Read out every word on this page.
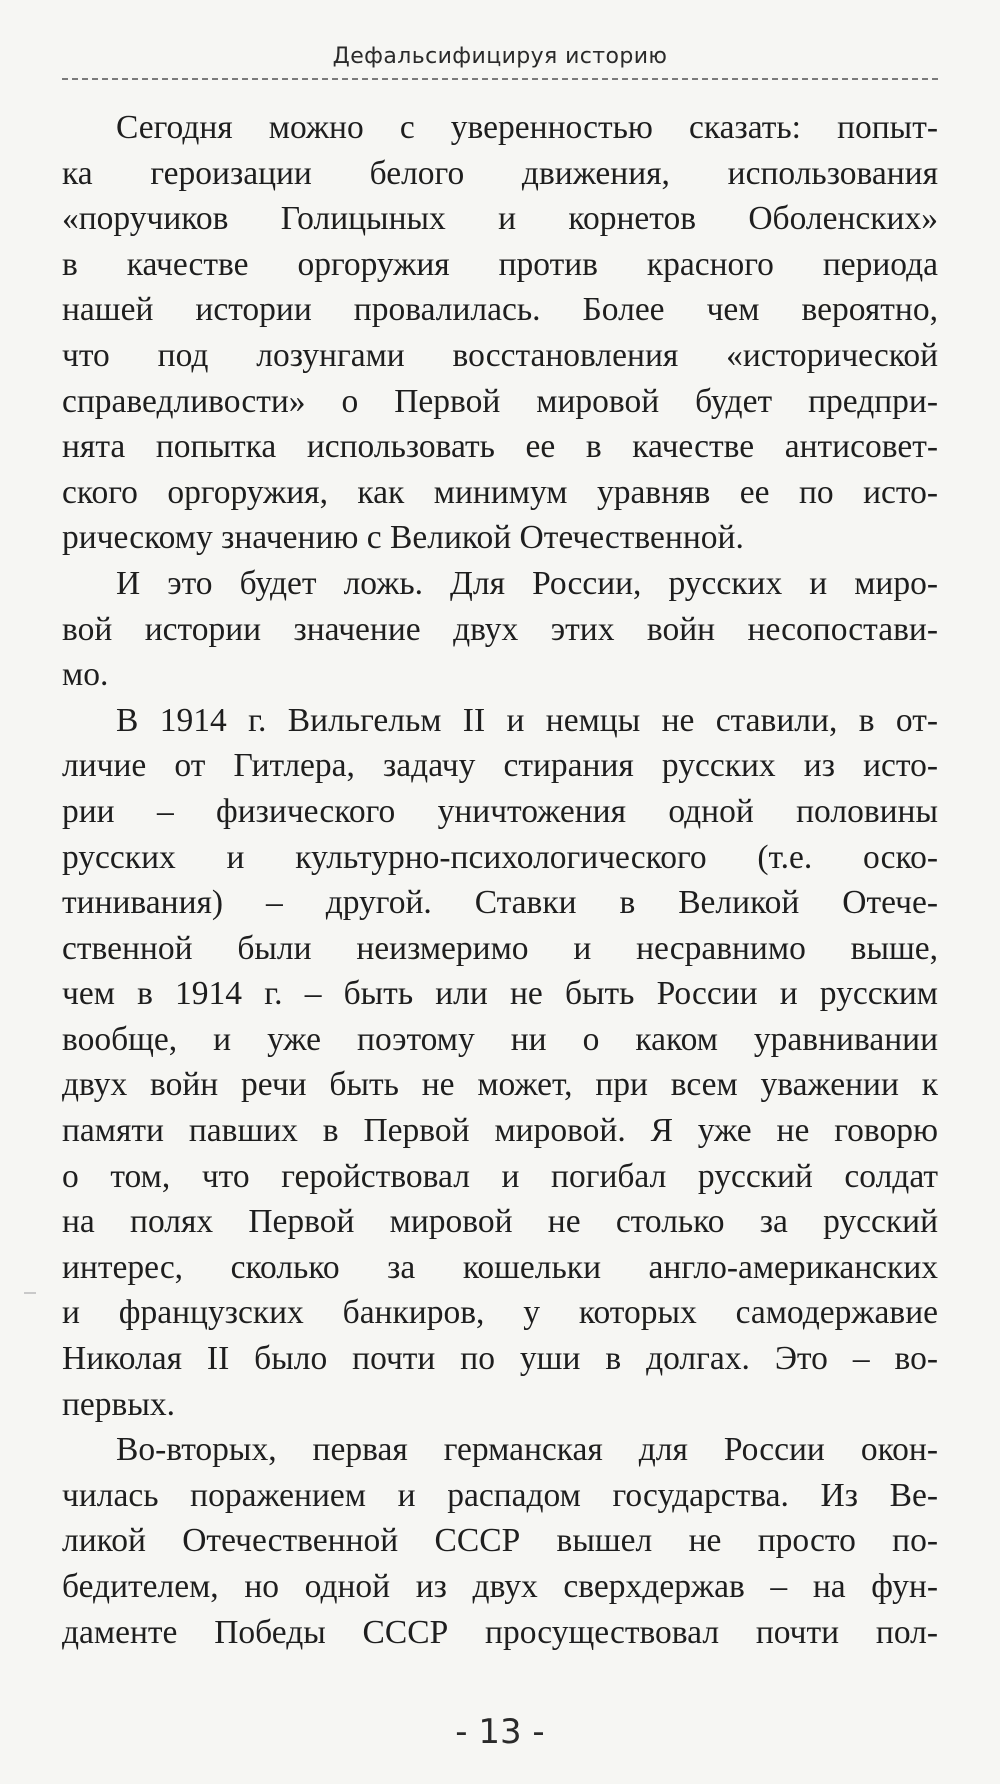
Дефальсифицируя историю

Сегодня можно с уверенностью сказать: попыт-
ка героизации белого движения, использования
«поручиков Голицыных и корнетов Оболенских»
в качестве оргоружия против красного периода
нашей истории провалилась. Более чем вероятно,
что под лозунгами восстановления «исторической
справедливости» о Первой мировой будет предпри-
нята попытка использовать ее в качестве антисовет-
ского оргоружия, как минимум уравняв ее по исто-
рическому значению с Великой Отечественной.

И это будет ложь. Для России, русских и миро-
вой истории значение двух этих войн несопостави-
мо.

В 1914 г. Вильгельм II и немцы не ставили, в от-
личие от Гитлера, задачу стирания русских из исто-
рии – физического уничтожения одной половины
русских и культурно-психологического (т.е. оско-
тинивания) – другой. Ставки в Великой Отече-
ственной были неизмеримо и несравнимо выше,
чем в 1914 г. – быть или не быть России и русским
вообще, и уже поэтому ни о каком уравнивании
двух войн речи быть не может, при всем уважении к
памяти павших в Первой мировой. Я уже не говорю
о том, что геройствовал и погибал русский солдат
на полях Первой мировой не столько за русский
интерес, сколько за кошельки англо-американских
и французских банкиров, у которых самодержавие
Николая II было почти по уши в долгах. Это – во-
первых.

Во-вторых, первая германская для России окон-
чилась поражением и распадом государства. Из Ве-
ликой Отечественной СССР вышел не просто по-
бедителем, но одной из двух сверхдержав – на фун-
даменте Победы СССР просуществовал почти пол-

- 13 -
